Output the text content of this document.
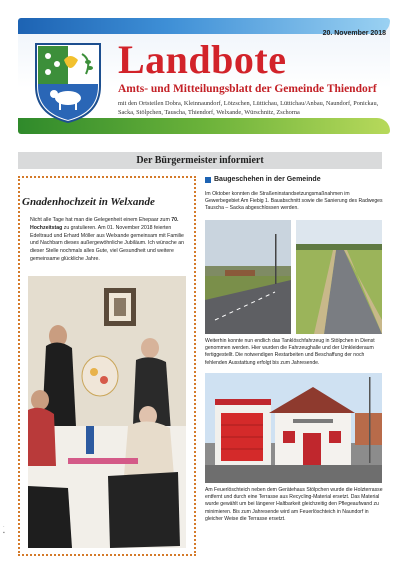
20. November 2018
Landbote
Amts- und Mitteilungsblatt der Gemeinde Thiendorf
mit den Ortsteilen Dobra, Kleinnaundorf, Lötzschen, Lüttichau, Lüttichau/Anbau, Naundorf, Ponickau, Sacka, Stölpchen, Tauscha, Thiendorf, Welxande, Würschnitz, Zschorna
Der Bürgermeister informiert
Gnadenhochzeit in Welxande
Nicht alle Tage hat man die Gelegenheit einem Ehepaar zum 70. Hochzeitstag zu gratulieren. Am 01. November 2018 feierten Edeltraud und Erhard Möller aus Welxande gemeinsam mit Familie und Nachbarn dieses außergewöhnliche Jubiläum. Ich wünsche an dieser Stelle nochmals alles Gute, viel Gesundheit und weitere gemeinsame glückliche Jahre.
Baugeschehen in der Gemeinde
Im Oktober konnten die Straßeninstandsetzungsmaßnahmen im Gewerbegebiet Am Fiebig 1. Bauabschnitt sowie die Sanierung des Radweges Tauscha – Sacka abgeschlossen werden.
Weiterhin konnte nun endlich das Tanklöschfahrzeug in Stölpchen in Dienst genommen werden. Hier wurden die Fahrzeughalle und der Umkleideraum fertiggestellt. Die notwendigen Restarbeiten und Beschaffung der noch fehlenden Ausstattung erfolgt bis zum Jahresende.
Am Feuerlöschteich neben dem Gerätehaus Stölpchen wurde die Holzterrasse entfernt und durch eine Terrasse aus Recycling-Material ersetzt. Das Material wurde gewählt um bei längerer Haltbarkeit gleichzeitig den Pflegeaufwand zu minimieren. Bis zum Jahresende wird am Feuerlöschteich in Naundorf in gleicher Weise die Terrasse ersetzt.
·
▪
